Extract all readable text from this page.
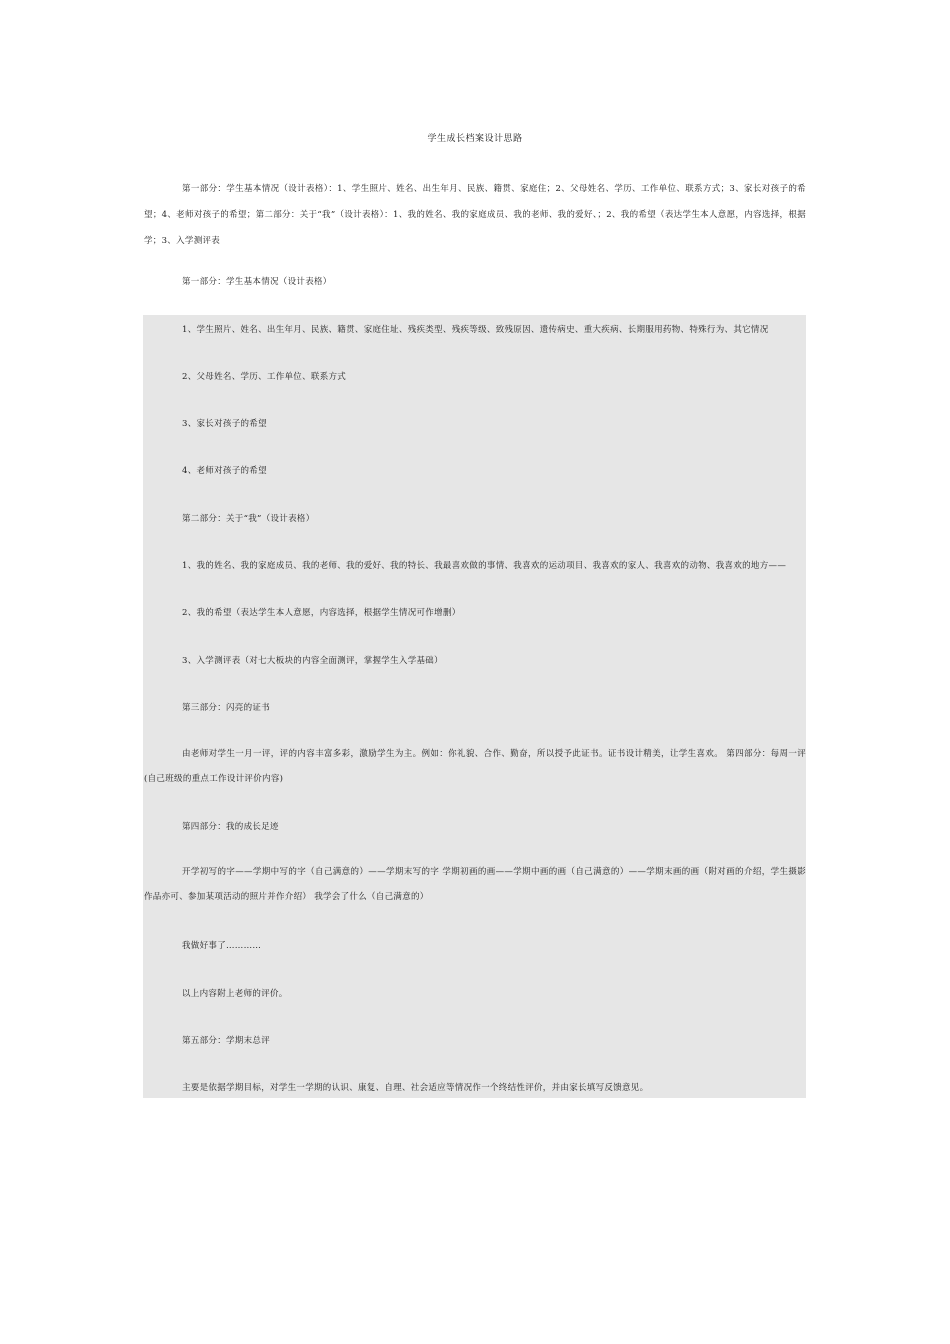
学生成长档案设计思路
第一部分：学生基本情况（设计表格）：1、学生照片、姓名、出生年月、民族、籍贯、家庭住；2、父母姓名、学历、工作单位、联系方式；3、家长对孩子的希望；4、老师对孩子的希望；第二部分：关于“我”（设计表格）：1、我的姓名、我的家庭成员、我的老师、我的爱好、；2、我的希望（表达学生本人意愿，内容选择，根据学；3、入学测评表
第一部分：学生基本情况（设计表格）
1、学生照片、姓名、出生年月、民族、籍贯、家庭住址、残疾类型、残疾等级、致残原因、遗传病史、重大疾病、长期服用药物、特殊行为、其它情况
2、父母姓名、学历、工作单位、联系方式
3、家长对孩子的希望
4、老师对孩子的希望
第二部分：关于“我”（设计表格）
1、我的姓名、我的家庭成员、我的老师、我的爱好、我的特长、我最喜欢做的事情、我喜欢的运动项目、我喜欢的家人、我喜欢的动物、我喜欢的地方——
2、我的希望（表达学生本人意愿，内容选择，根据学生情况可作增删）
3、入学测评表（对七大板块的内容全面测评，掌握学生入学基础）
第三部分：闪亮的证书
由老师对学生一月一评，评的内容丰富多彩，激励学生为主。例如：你礼貌、合作、勤奋，所以授予此证书。证书设计精美，让学生喜欢。 第四部分：每周一评(自己班级的重点工作设计评价内容)
第四部分：我的成长足迹
开学初写的字——学期中写的字（自己满意的）——学期末写的字 学期初画的画——学期中画的画（自己满意的）——学期末画的画（附对画的介绍，学生摄影作品亦可、参加某项活动的照片并作介绍） 我学会了什么（自己满意的）
我做好事了…………
以上内容附上老师的评价。
第五部分：学期末总评
主要是依据学期目标，对学生一学期的认识、康复、自理、社会适应等情况作一个终结性评价，并由家长填写反馈意见。
